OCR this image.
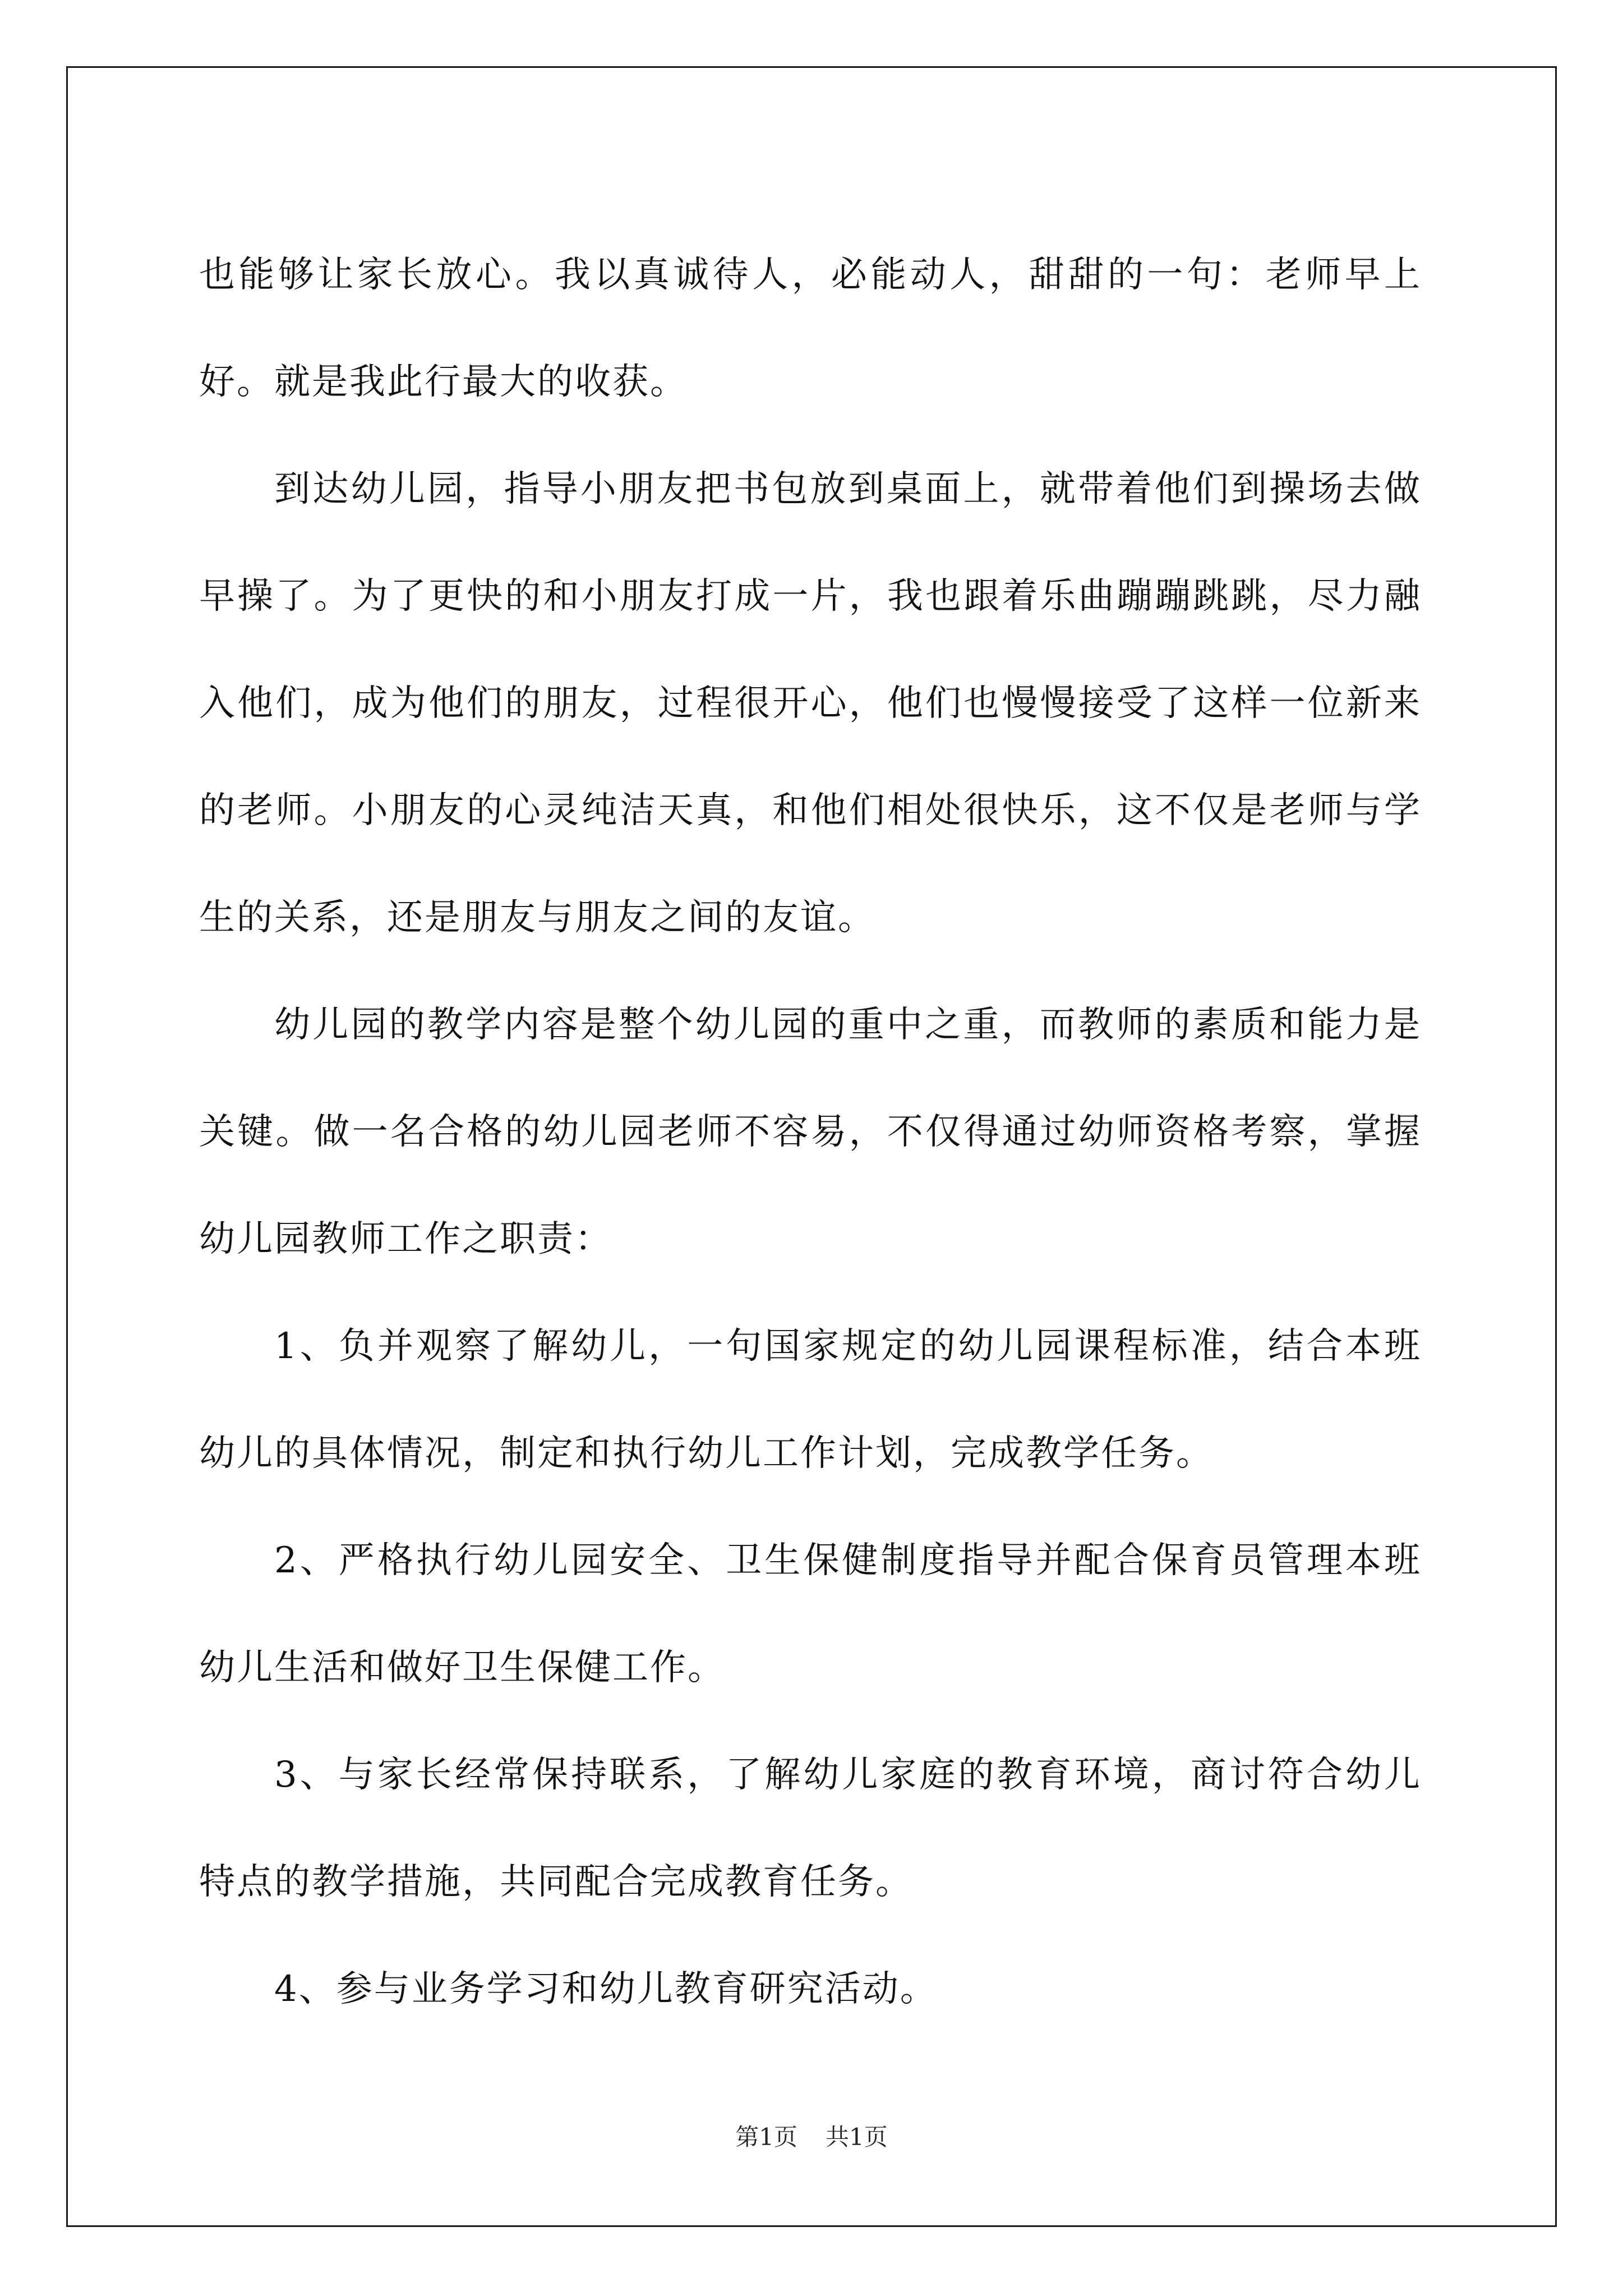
也能够让家长放心。我以真诚待人，必能动人，甜甜的一句：老师早上好。就是我此行最大的收获。

到达幼儿园，指导小朋友把书包放到桌面上，就带着他们到操场去做早操了。为了更快的和小朋友打成一片，我也跟着乐曲蹦蹦跳跳，尽力融入他们，成为他们的朋友，过程很开心，他们也慢慢接受了这样一位新来的老师。小朋友的心灵纯洁天真，和他们相处很快乐，这不仅是老师与学生的关系，还是朋友与朋友之间的友谊。

幼儿园的教学内容是整个幼儿园的重中之重，而教师的素质和能力是关键。做一名合格的幼儿园老师不容易，不仅得通过幼师资格考察，掌握幼儿园教师工作之职责：

1、负并观察了解幼儿，一句国家规定的幼儿园课程标准，结合本班幼儿的具体情况，制定和执行幼儿工作计划，完成教学任务。

2、严格执行幼儿园安全、卫生保健制度指导并配合保育员管理本班幼儿生活和做好卫生保健工作。

3、与家长经常保持联系，了解幼儿家庭的教育环境，商讨符合幼儿特点的教学措施，共同配合完成教育任务。

4、参与业务学习和幼儿教育研究活动。

第1页 共1页
